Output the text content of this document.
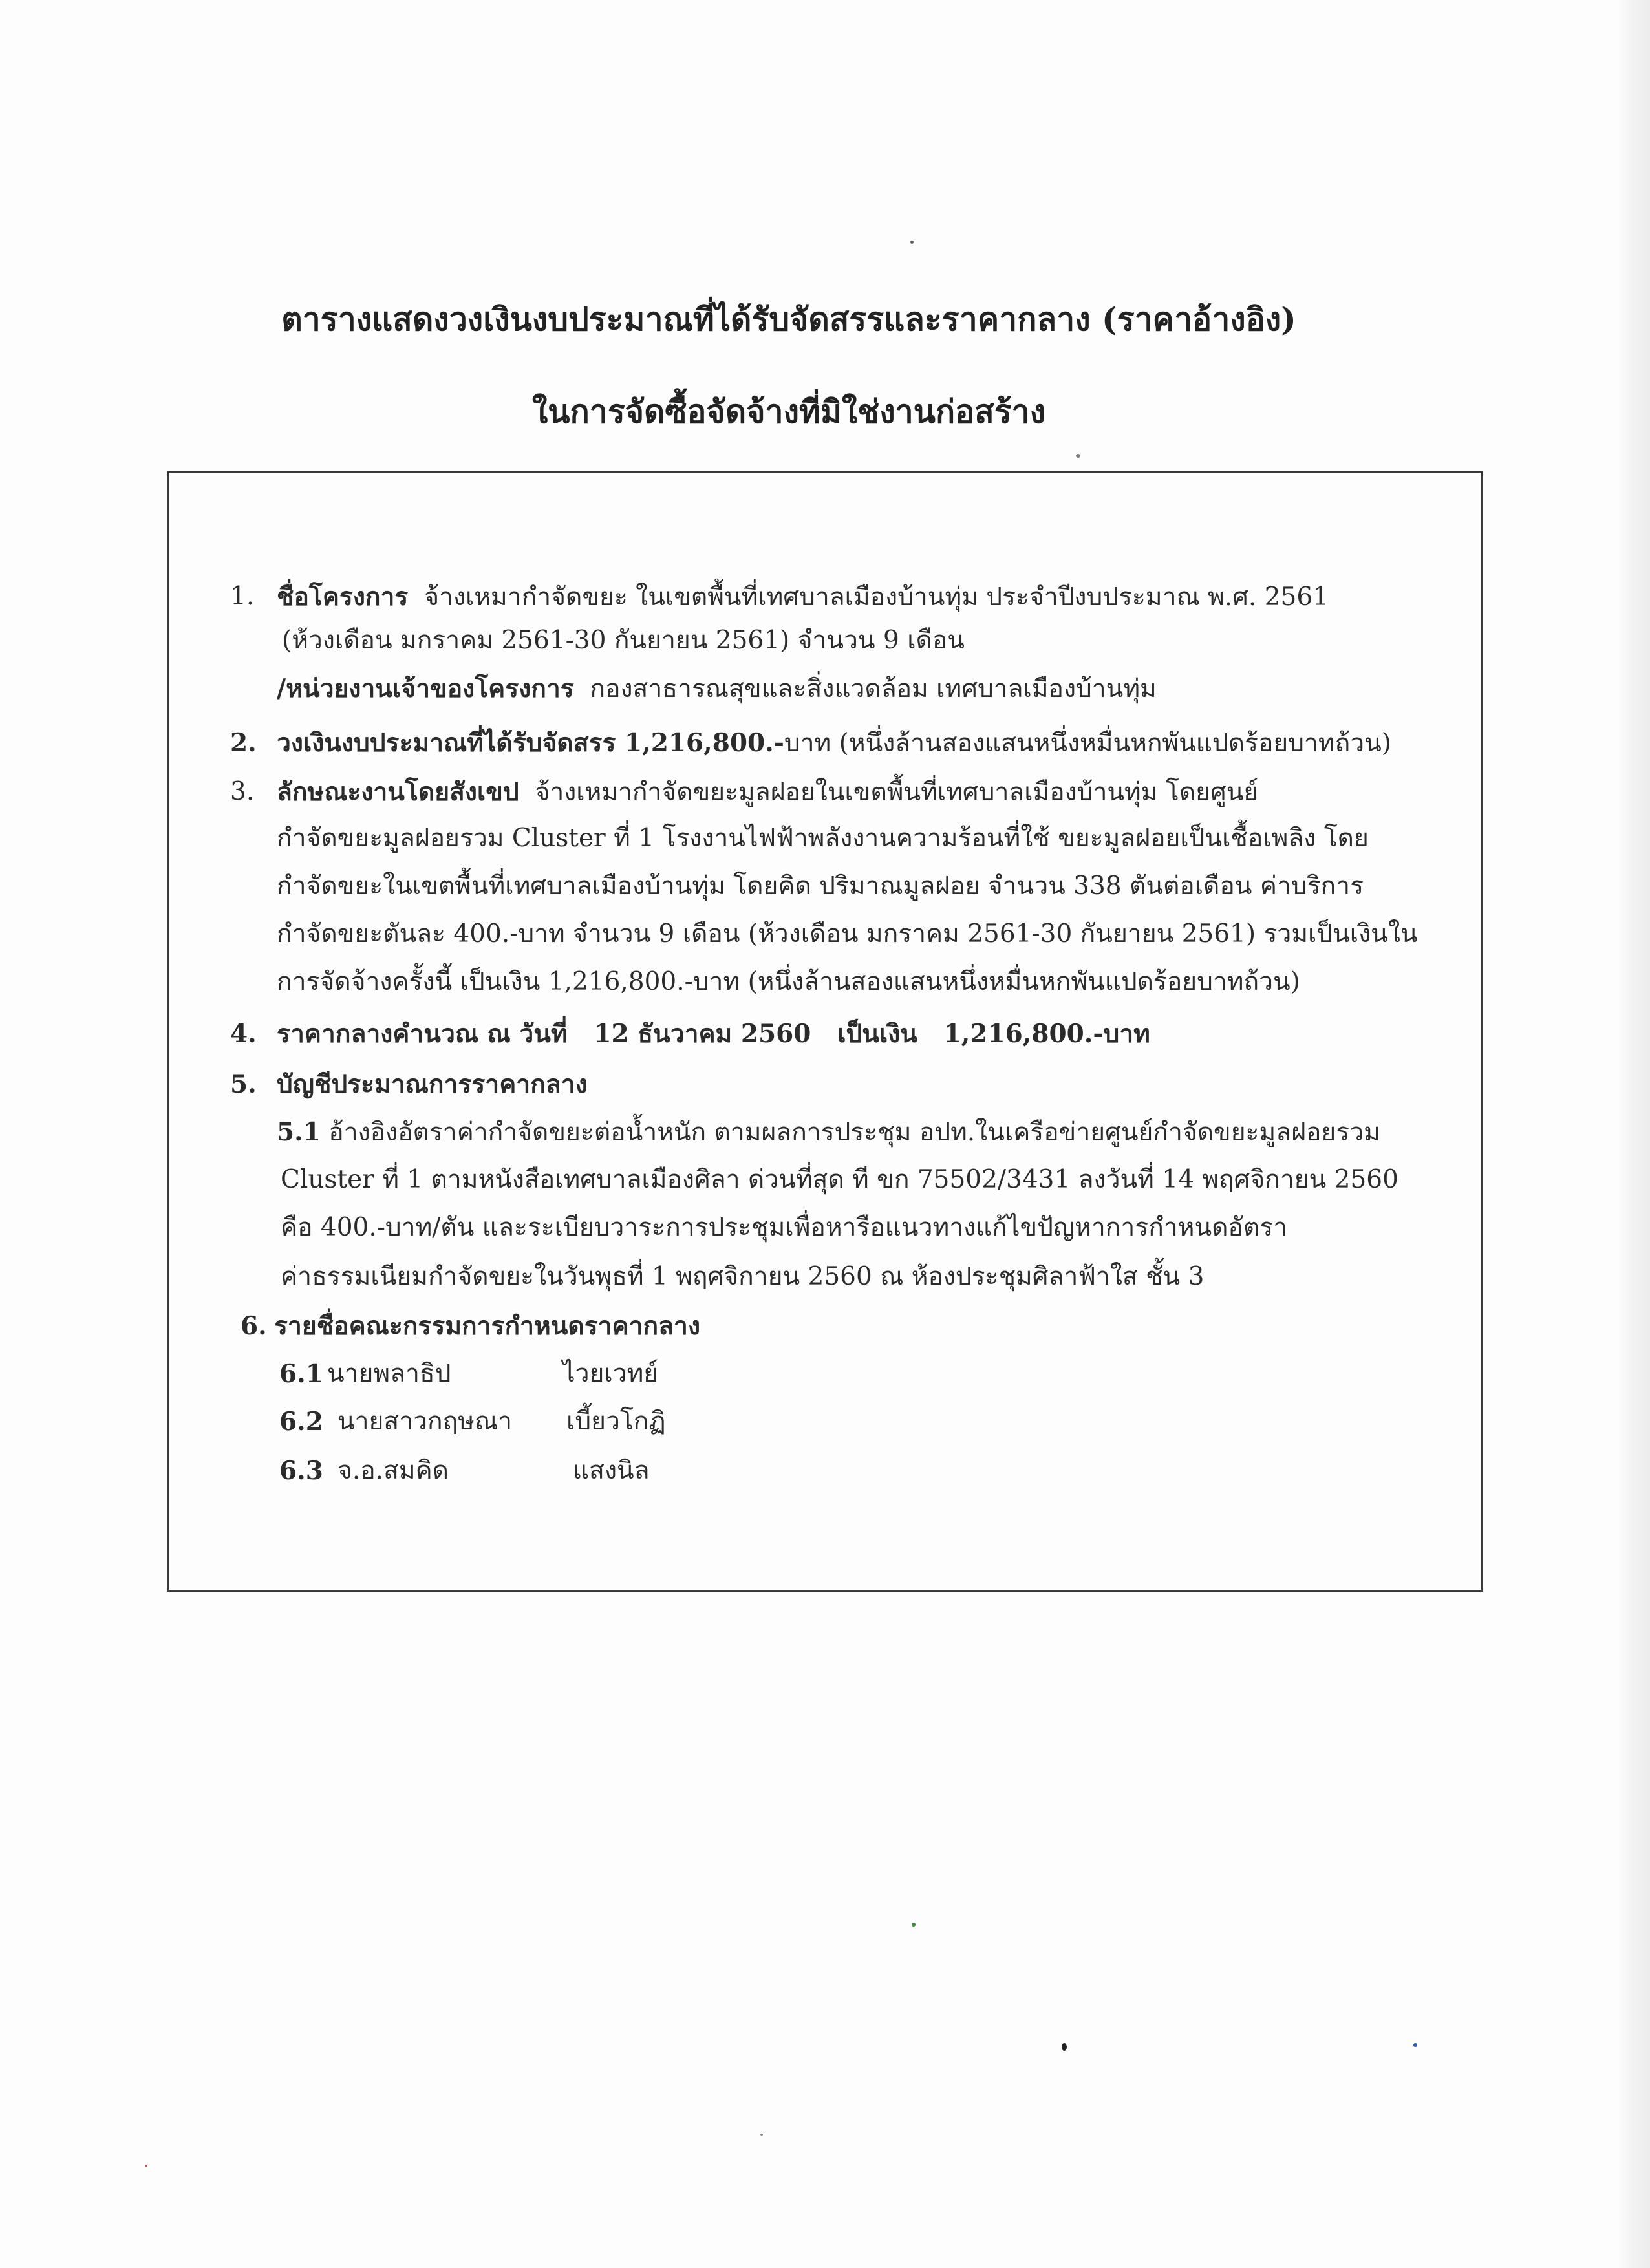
ตารางแสดงวงเงินงบประมาณที่ได้รับจัดสรรและราคากลาง (ราคาอ้างอิง)
ในการจัดซื้อจัดจ้างที่มิใช่งานก่อสร้าง
1. ชื่อโครงการ จ้างเหมากำจัดขยะ ในเขตพื้นที่เทศบาลเมืองบ้านทุ่ม ประจำปีงบประมาณ พ.ศ. 2561
(ห้วงเดือน มกราคม 2561-30 กันยายน 2561) จำนวน 9 เดือน
/หน่วยงานเจ้าของโครงการ กองสาธารณสุขและสิ่งแวดล้อม เทศบาลเมืองบ้านทุ่ม
2. วงเงินงบประมาณที่ได้รับจัดสรร 1,216,800.-บาท (หนึ่งล้านสองแสนหนึ่งหมื่นหกพันแปดร้อยบาทถ้วน)
3. ลักษณะงานโดยสังเขป จ้างเหมากำจัดขยะมูลฝอยในเขตพื้นที่เทศบาลเมืองบ้านทุ่ม โดยศูนย์
กำจัดขยะมูลฝอยรวม Cluster ที่ 1 โรงงานไฟฟ้าพลังงานความร้อนที่ใช้ ขยะมูลฝอยเป็นเชื้อเพลิง โดย
กำจัดขยะในเขตพื้นที่เทศบาลเมืองบ้านทุ่ม โดยคิด ปริมาณมูลฝอย จำนวน 338 ตันต่อเดือน ค่าบริการ
กำจัดขยะตันละ 400.-บาท จำนวน 9 เดือน (ห้วงเดือน มกราคม 2561-30 กันยายน 2561) รวมเป็นเงินใน
การจัดจ้างครั้งนี้ เป็นเงิน 1,216,800.-บาท (หนึ่งล้านสองแสนหนึ่งหมื่นหกพันแปดร้อยบาทถ้วน)
4. ราคากลางคำนวณ ณ วันที่ 12 ธันวาคม 2560 เป็นเงิน 1,216,800.-บาท
5. บัญชีประมาณการราคากลาง
5.1 อ้างอิงอัตราค่ากำจัดขยะต่อน้ำหนัก ตามผลการประชุม อปท.ในเครือข่ายศูนย์กำจัดขยะมูลฝอยรวม
Cluster ที่ 1 ตามหนังสือเทศบาลเมืองศิลา ด่วนที่สุด ที ขก 75502/3431 ลงวันที่ 14 พฤศจิกายน 2560
คือ 400.-บาท/ตัน และระเบียบวาระการประชุมเพื่อหารือแนวทางแก้ไขปัญหาการกำหนดอัตรา
ค่าธรรมเนียมกำจัดขยะในวันพุธที่ 1 พฤศจิกายน 2560 ณ ห้องประชุมศิลาฟ้าใส ชั้น 3
6. รายชื่อคณะกรรมการกำหนดราคากลาง
6.1 นายพลาธิป	ไวยเวทย์
6.2 นายสาวกฤษณา เบี้ยวโกฏิ
6.3 จ.อ.สมคิด	แสงนิล
